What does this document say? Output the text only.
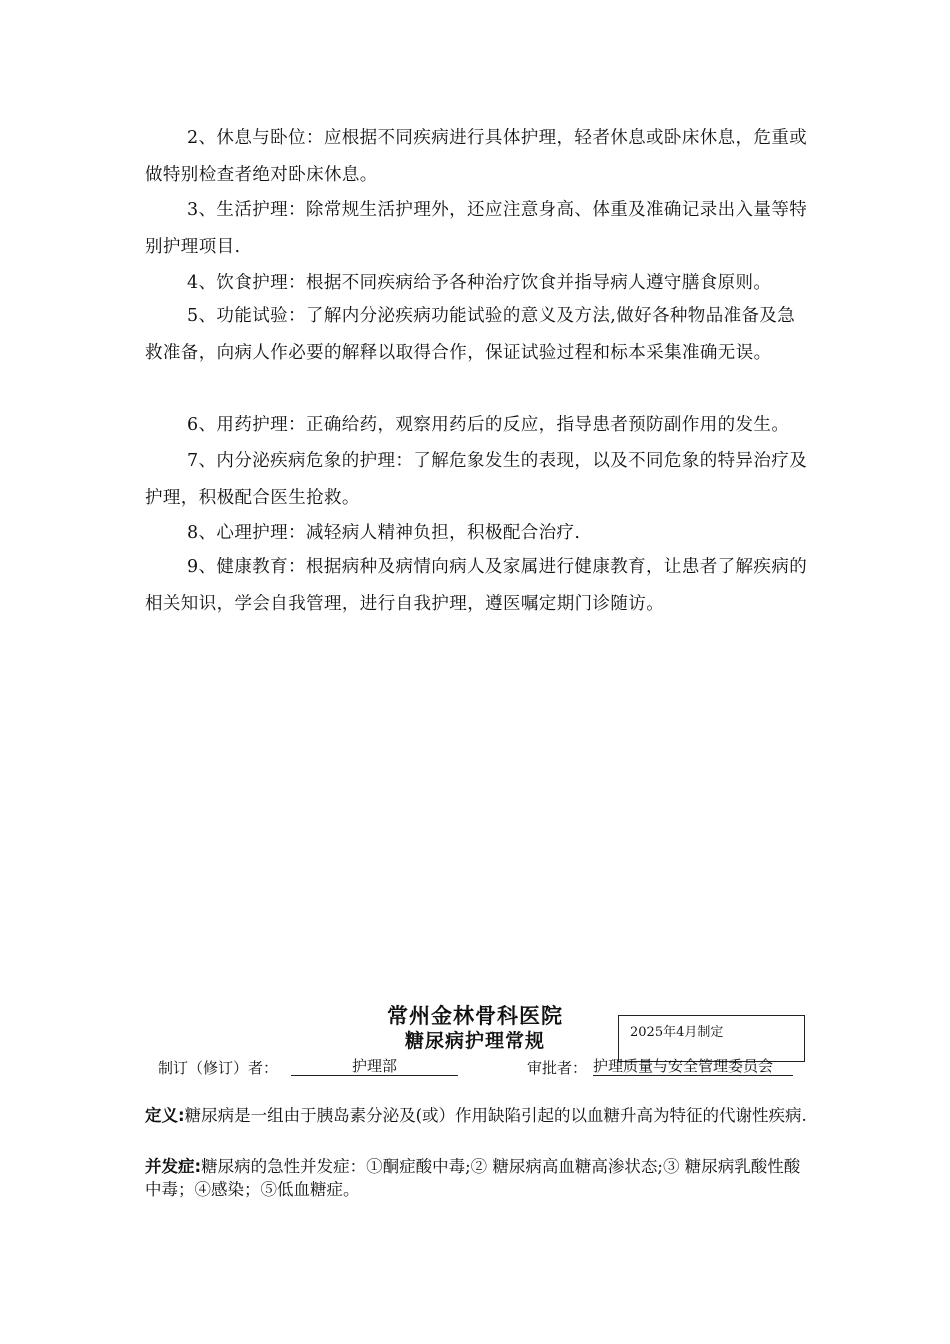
2、休息与卧位：应根据不同疾病进行具体护理，轻者休息或卧床休息，危重或做特别检查者绝对卧床休息。
3、生活护理：除常规生活护理外，还应注意身高、体重及准确记录出入量等特别护理项目.
4、饮食护理：根据不同疾病给予各种治疗饮食并指导病人遵守膳食原则。
5、功能试验：了解内分泌疾病功能试验的意义及方法,做好各种物品准备及急救准备，向病人作必要的解释以取得合作，保证试验过程和标本采集准确无误。
6、用药护理：正确给药，观察用药后的反应，指导患者预防副作用的发生。
7、内分泌疾病危象的护理：了解危象发生的表现，以及不同危象的特异治疗及护理，积极配合医生抢救。
8、心理护理：减轻病人精神负担，积极配合治疗.
9、健康教育：根据病种及病情向病人及家属进行健康教育，让患者了解疾病的相关知识，学会自我管理，进行自我护理，遵医嘱定期门诊随访。
常州金林骨科医院
糖尿病护理常规	2025年4月制定
制订（修订）者：	护理部	审批者： 护理质量与安全管理委员会
定义:糖尿病是一组由于胰岛素分泌及(或）作用缺陷引起的以血糖升高为特征的代谢性疾病.
并发症:糖尿病的急性并发症：①酮症酸中毒;② 糖尿病高血糖高渗状态;③ 糖尿病乳酸性酸中毒；④感染；⑤低血糖症。
